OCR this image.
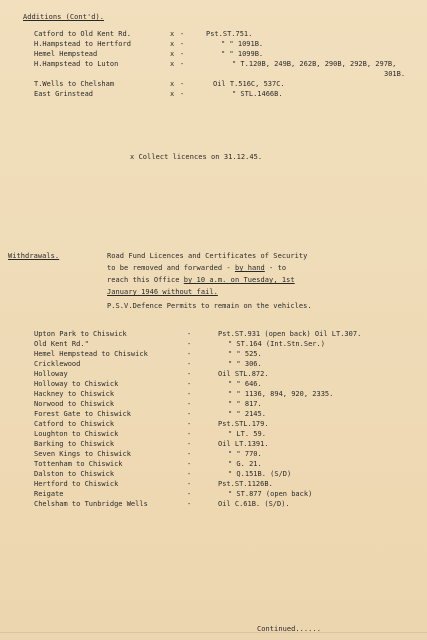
Additions (Cont'd).
Catford to Old Kent Rd.	x -	Pst.ST.751.
H.Hampstead to Hertford	x -	" " 1091B.
Hemel Hempstead	x -	" " 1099B.
H.Hampstead to Luton	x -	" T.120B, 249B, 262B, 290B, 292B, 297B,
301B.
T.Wells to Chelsham	x -	Oil T.516C, 537C.
East Grinstead	x -	" STL.1466B.
x Collect licences on 31.12.45.
Withdrawals.	Road Fund Licences and Certificates of Security
to be removed and forwarded - by hand - to
reach this Office by 10 a.m. on Tuesday, 1st
January 1946 without fail.
P.S.V.Defence Permits to remain on the vehicles.
Upton Park to Chiswick	-	Pst.ST.931 (open back) Oil LT.307.
Old Kent Rd."	-	" ST.164 (Int.Stn.Ser.)
Hemel Hempstead to Chiswick	-	" " 525.
Cricklewood	-	" " 306.
Holloway	-	Oil STL.872.
Holloway to Chiswick	-	" " 646.
Hackney to Chiswick	-	" " 1136, 894, 920, 2335.
Norwood to Chiswick	-	" " 817.
Forest Gate to Chiswick	-	" " 2145.
Catford to Chiswick	-	Pst.STL.179.
Loughton to Chiswick	-	" LT. 59.
Barking to Chiswick	-	Oil LT.1391.
Seven Kings to Chiswick	-	" " 770.
Tottenham to Chiswick	-	" G. 21.
Dalston to Chiswick	-	" Q.151B. (S/D)
Hertford to Chiswick	-	Pst.ST.1126B.
Reigate	-	" ST.877 (open back)
Chelsham to Tunbridge Wells	-	Oil C.61B. (S/D).
Continued......
